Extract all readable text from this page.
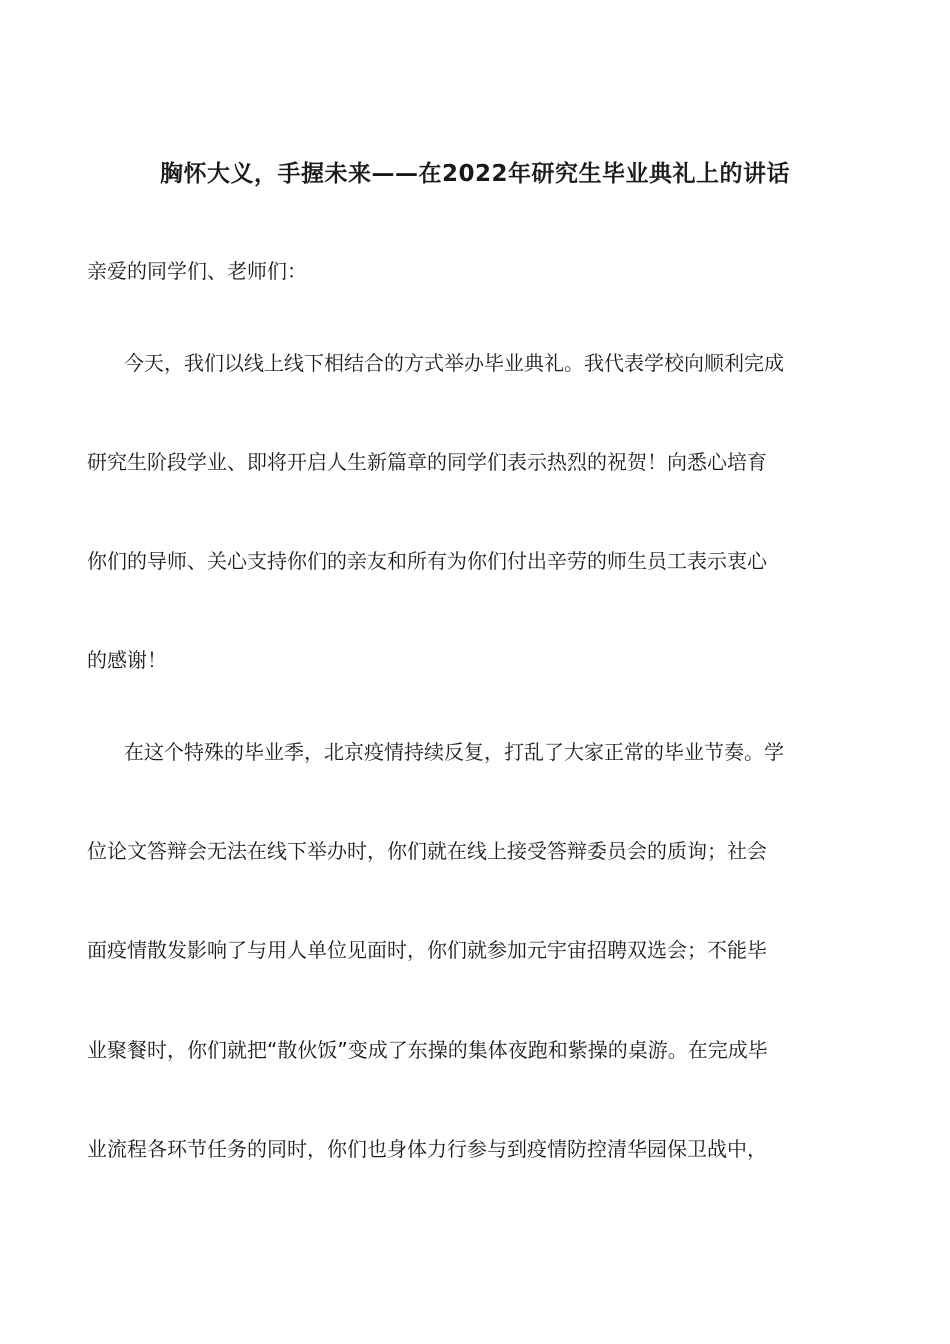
胸怀大义，手握未来——在2022年研究生毕业典礼上的讲话
亲爱的同学们、老师们：
今天，我们以线上线下相结合的方式举办毕业典礼。我代表学校向顺利完成
研究生阶段学业、即将开启人生新篇章的同学们表示热烈的祝贺！向悉心培育
你们的导师、关心支持你们的亲友和所有为你们付出辛劳的师生员工表示衷心
的感谢！
在这个特殊的毕业季，北京疫情持续反复，打乱了大家正常的毕业节奏。学
位论文答辩会无法在线下举办时，你们就在线上接受答辩委员会的质询；社会
面疫情散发影响了与用人单位见面时，你们就参加元宇宙招聘双选会；不能毕
业聚餐时，你们就把“散伙饭”变成了东操的集体夜跑和紫操的桌游。在完成毕
业流程各环节任务的同时，你们也身体力行参与到疫情防控清华园保卫战中，
